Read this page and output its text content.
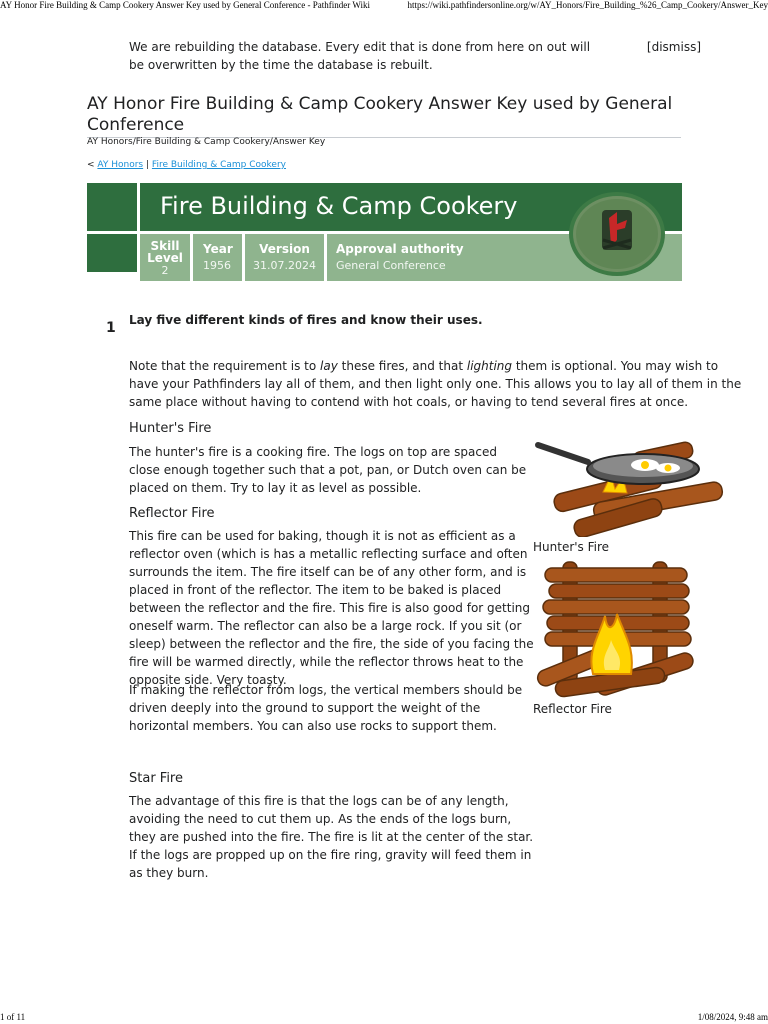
AY Honor Fire Building & Camp Cookery Answer Key used by General Conference - Pathfinder Wiki	https://wiki.pathfindersonline.org/w/AY_Honors/Fire_Building_%26_Camp_Cookery/Answer_Key
We are rebuilding the database. Every edit that is done from here on out will be overwritten by the time the database is rebuilt.
[dismiss]
AY Honor Fire Building & Camp Cookery Answer Key used by General Conference
AY Honors/Fire Building & Camp Cookery/Answer Key
< AY Honors | Fire Building & Camp Cookery
Fire Building & Camp Cookery
Skill Level
2
Year
1956
Version
31.07.2024
Approval authority
General Conference
1 Lay five different kinds of fires and know their uses.
Note that the requirement is to lay these fires, and that lighting them is optional. You may wish to have your Pathfinders lay all of them, and then light only one. This allows you to lay all of them in the same place without having to contend with hot coals, or having to tend several fires at once.
Hunter's Fire
The hunter's fire is a cooking fire. The logs on top are spaced close enough together such that a pot, pan, or Dutch oven can be placed on them. Try to lay it as level as possible.
Hunter's Fire
Reflector Fire
This fire can be used for baking, though it is not as efficient as a reflector oven (which is has a metallic reflecting surface and often surrounds the item. The fire itself can be of any other form, and is placed in front of the reflector. The item to be baked is placed between the reflector and the fire. This fire is also good for getting oneself warm. The reflector can also be a large rock. If you sit (or sleep) between the reflector and the fire, the side of you facing the fire will be warmed directly, while the reflector throws heat to the opposite side. Very toasty.
If making the reflector from logs, the vertical members should be driven deeply into the ground to support the weight of the horizontal members. You can also use rocks to support them.
Reflector Fire
Star Fire
The advantage of this fire is that the logs can be of any length, avoiding the need to cut them up. As the ends of the logs burn, they are pushed into the fire. The fire is lit at the center of the star. If the logs are propped up on the fire ring, gravity will feed them in as they burn.
1 of 11	1/08/2024, 9:48 am
